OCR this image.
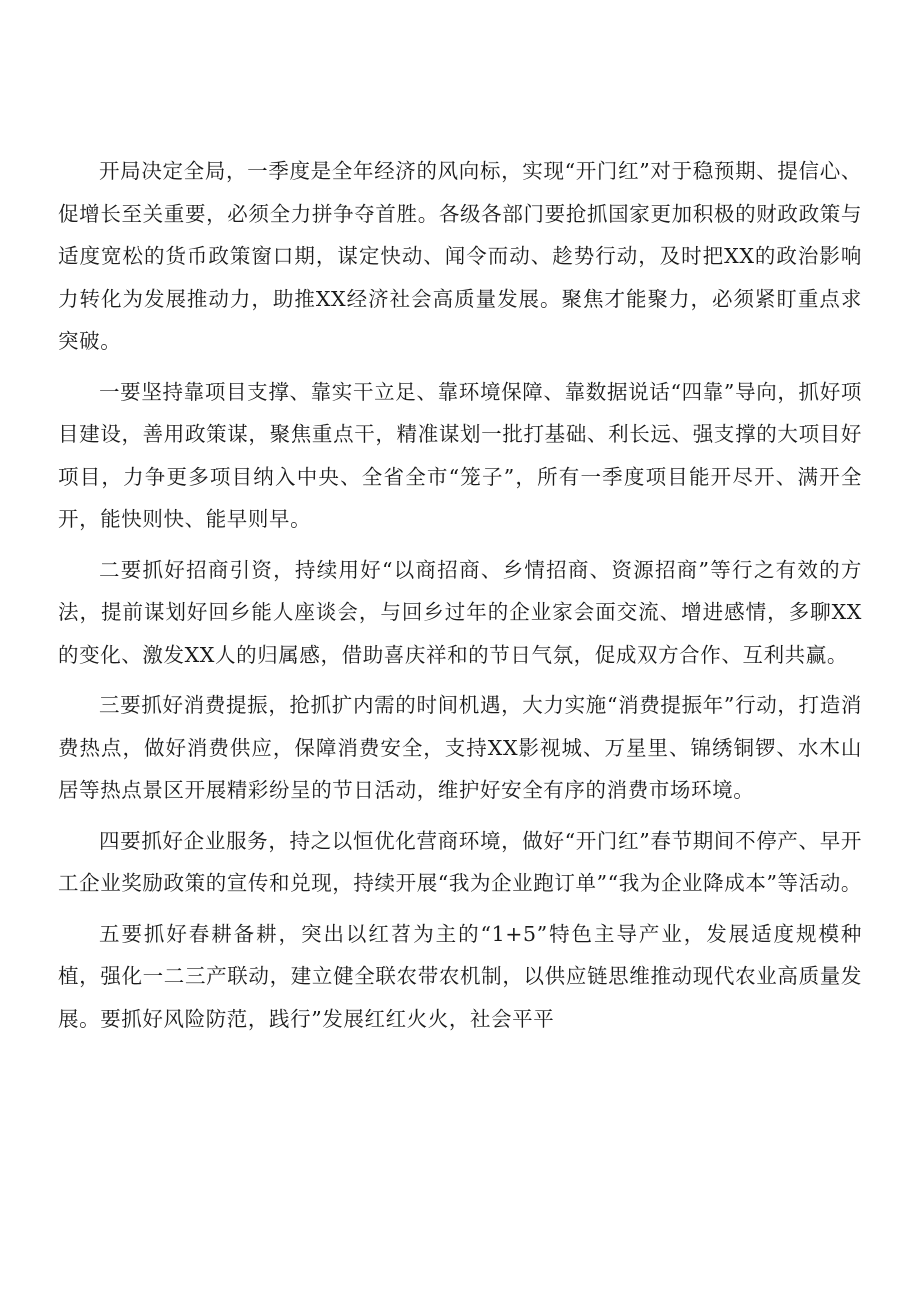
开局决定全局，一季度是全年经济的风向标，实现“开门红”对于稳预期、提信心、促增长至关重要，必须全力拼争夺首胜。各级各部门要抢抓国家更加积极的财政政策与适度宽松的货币政策窗口期，谋定快动、闻令而动、趁势行动，及时把XX的政治影响力转化为发展推动力，助推XX经济社会高质量发展。聚焦才能聚力，必须紧盯重点求突破。

一要坚持靠项目支撑、靠实干立足、靠环境保障、靠数据说话“四靠”导向，抓好项目建设，善用政策谋，聚焦重点干，精准谋划一批打基础、利长远、强支撑的大项目好项目，力争更多项目纳入中央、全省全市“笼子”，所有一季度项目能开尽开、满开全开，能快则快、能早则早。

二要抓好招商引资，持续用好“以商招商、乡情招商、资源招商”等行之有效的方法，提前谋划好回乡能人座谈会，与回乡过年的企业家会面交流、增进感情，多聊XX的变化、激发XX人的归属感，借助喜庆祥和的节日气氛，促成双方合作、互利共赢。

三要抓好消费提振，抢抓扩内需的时间机遇，大力实施“消费提振年”行动，打造消费热点，做好消费供应，保障消费安全，支持XX影视城、万星里、锦绣铜锣、水木山居等热点景区开展精彩纷呈的节日活动，维护好安全有序的消费市场环境。

四要抓好企业服务，持之以恒优化营商环境，做好“开门红”春节期间不停产、早开工企业奖励政策的宣传和兑现，持续开展“我为企业跑订单”“我为企业降成本”等活动。

五要抓好春耕备耕，突出以红苕为主的“1+5”特色主导产业，发展适度规模种植，强化一二三产联动，建立健全联农带农机制，以供应链思维推动现代农业高质量发展。要抓好风险防范，践行”发展红红火火，社会平平
